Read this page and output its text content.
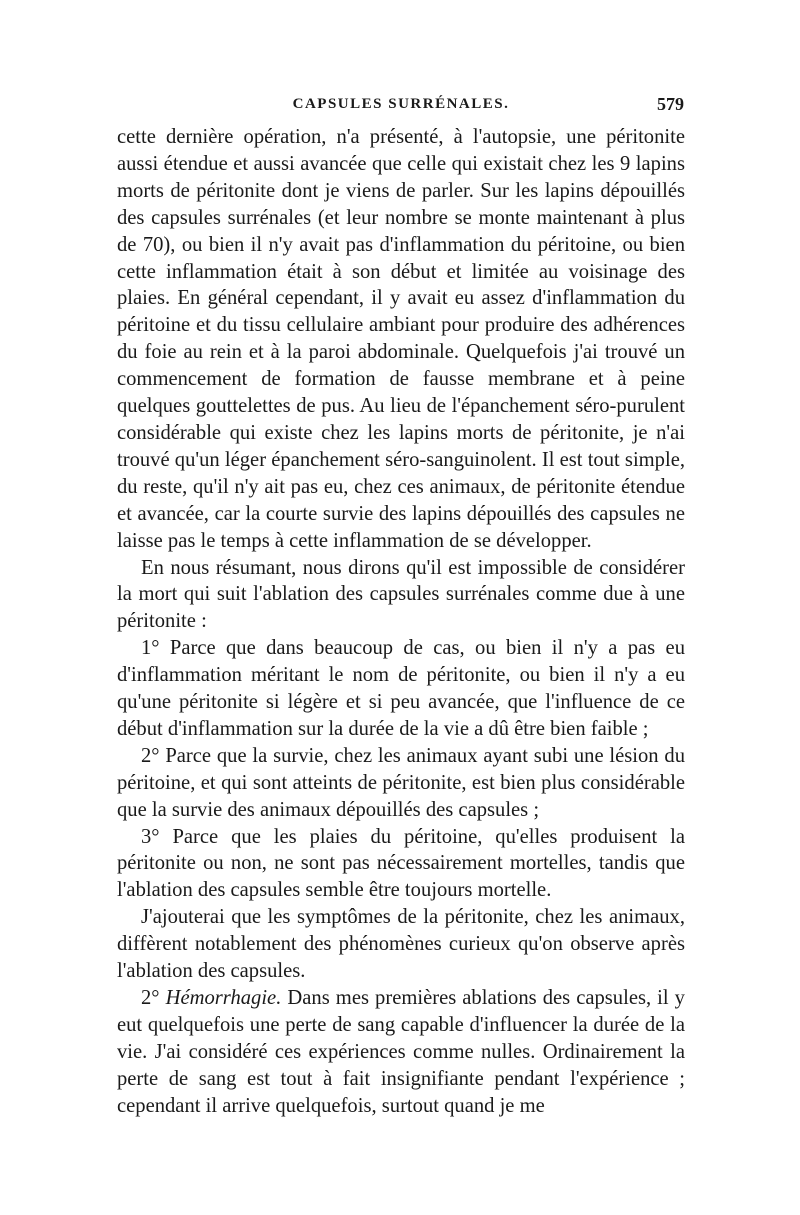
CAPSULES SURRÉNALES.	579

cette dernière opération, n'a présenté, à l'autopsie, une péritonite aussi étendue et aussi avancée que celle qui existait chez les 9 lapins morts de péritonite dont je viens de parler. Sur les lapins dépouillés des capsules surrénales (et leur nombre se monte maintenant à plus de 70), ou bien il n'y avait pas d'inflammation du péritoine, ou bien cette inflammation était à son début et limitée au voisinage des plaies. En général cependant, il y avait eu assez d'inflammation du péritoine et du tissu cellulaire ambiant pour produire des adhérences du foie au rein et à la paroi abdominale. Quelquefois j'ai trouvé un commencement de formation de fausse membrane et à peine quelques gouttelettes de pus. Au lieu de l'épanchement séro-purulent considérable qui existe chez les lapins morts de péritonite, je n'ai trouvé qu'un léger épanchement séro-sanguinolent. Il est tout simple, du reste, qu'il n'y ait pas eu, chez ces animaux, de péritonite étendue et avancée, car la courte survie des lapins dépouillés des capsules ne laisse pas le temps à cette inflammation de se développer.

En nous résumant, nous dirons qu'il est impossible de considérer la mort qui suit l'ablation des capsules surrénales comme due à une péritonite :

1° Parce que dans beaucoup de cas, ou bien il n'y a pas eu d'inflammation méritant le nom de péritonite, ou bien il n'y a eu qu'une péritonite si légère et si peu avancée, que l'influence de ce début d'inflammation sur la durée de la vie a dû être bien faible ;

2° Parce que la survie, chez les animaux ayant subi une lésion du péritoine, et qui sont atteints de péritonite, est bien plus considérable que la survie des animaux dépouillés des capsules ;

3° Parce que les plaies du péritoine, qu'elles produisent la péritonite ou non, ne sont pas nécessairement mortelles, tandis que l'ablation des capsules semble être toujours mortelle.

J'ajouterai que les symptômes de la péritonite, chez les animaux, diffèrent notablement des phénomènes curieux qu'on observe après l'ablation des capsules.

2° Hémorrhagie. Dans mes premières ablations des capsules, il y eut quelquefois une perte de sang capable d'influencer la durée de la vie. J'ai considéré ces expériences comme nulles. Ordinairement la perte de sang est tout à fait insignifiante pendant l'expérience ; cependant il arrive quelquefois, surtout quand je me
